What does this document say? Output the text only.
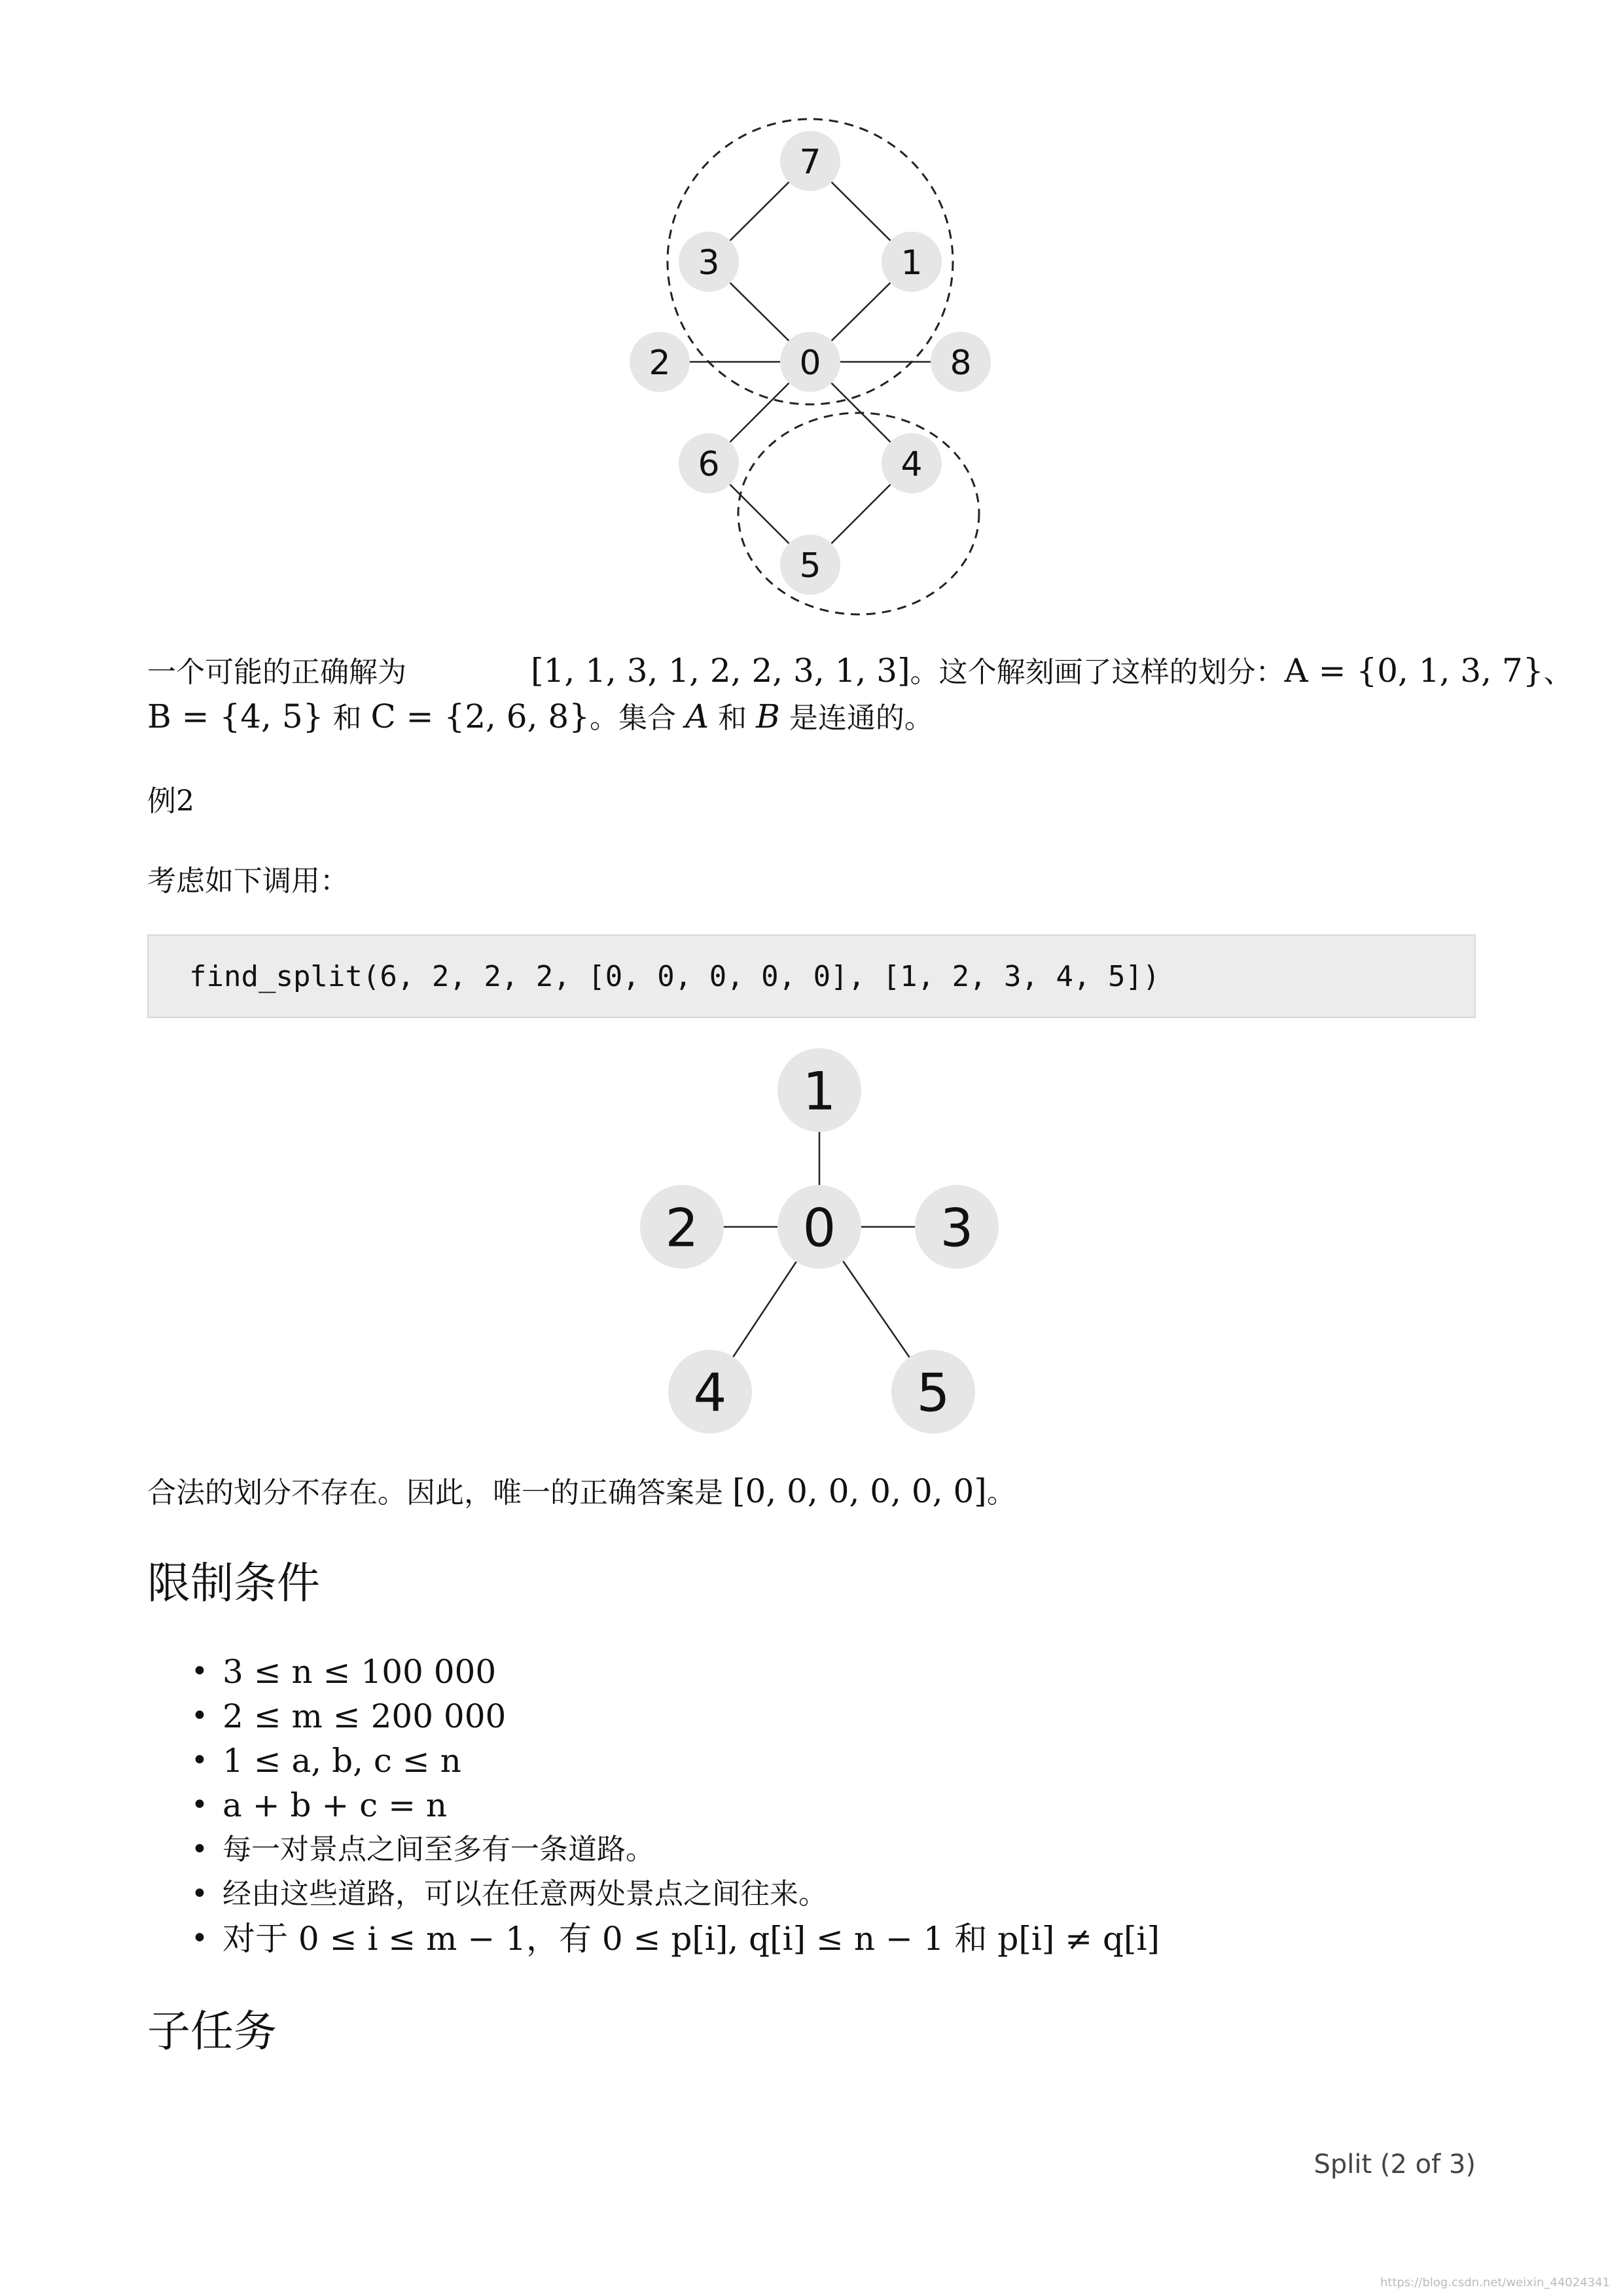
7
3	1
2	0	8
6	4
5
一个可能的正确解为	[1, 1, 3, 1, 2, 2, 3, 1, 3]。这个解刻画了这样的划分：A = {0, 1, 3, 7}、
B = {4, 5} 和 C = {2, 6, 8}。集合 A 和 B 是连通的。
例2
考虑如下调用：
find_split(6, 2, 2, 2, [0, 0, 0, 0, 0], [1, 2, 3, 4, 5])
1
2 0 3
4	5
合法的划分不存在。因此，唯一的正确答案是 [0, 0, 0, 0, 0, 0]。
限制条件
• 3 ≤ n ≤ 100 000
• 2 ≤ m ≤ 200 000
• 1 ≤ a, b, c ≤ n
• a + b + c = n
• 每一对景点之间至多有一条道路。
• 经由这些道路，可以在任意两处景点之间往来。
• 对于 0 ≤ i ≤ m − 1，有 0 ≤ p[i], q[i] ≤ n − 1 和 p[i] ≠ q[i]
子任务
Split (2 of 3)
https://blog.csdn.net/weixin_44024341
